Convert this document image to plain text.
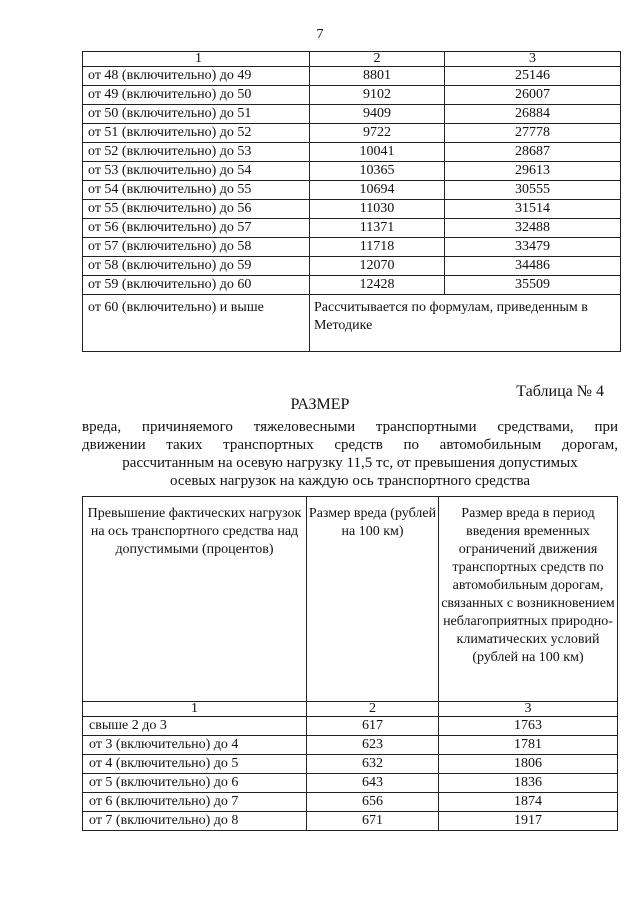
7
1	2	3
от 48 (включительно) до 49	8801	25146
от 49 (включительно) до 50	9102	26007
от 50 (включительно) до 51	9409	26884
от 51 (включительно) до 52	9722	27778
от 52 (включительно) до 53	10041	28687
от 53 (включительно) до 54	10365	29613
от 54 (включительно) до 55	10694	30555
от 55 (включительно) до 56	11030	31514
от 56 (включительно) до 57	11371	32488
от 57 (включительно) до 58	11718	33479
от 58 (включительно) до 59	12070	34486
от 59 (включительно) до 60	12428	35509
от 60 (включительно) и выше	Рассчитывается по формулам, приведенным в Методике	
Таблица № 4
РАЗМЕР
вреда, причиняемого тяжеловесными транспортными средствами, при
движении таких транспортных средств по автомобильным дорогам,
рассчитанным на осевую нагрузку 11,5 тс, от превышения допустимых
осевых нагрузок на каждую ось транспортного средства
Превышение фактических нагрузок на ось транспортного средства над допустимыми (процентов)	Размер вреда (рублей на 100 км)	Размер вреда в период введения временных ограничений движения транспортных средств по автомобильным дорогам, связанных с возникновением неблагоприятных природно-климатических условий (рублей на 100 км)
1	2	3
свыше 2 до 3	617	1763
от 3 (включительно) до 4	623	1781
от 4 (включительно) до 5	632	1806
от 5 (включительно) до 6	643	1836
от 6 (включительно) до 7	656	1874
от 7 (включительно) до 8	671	1917
